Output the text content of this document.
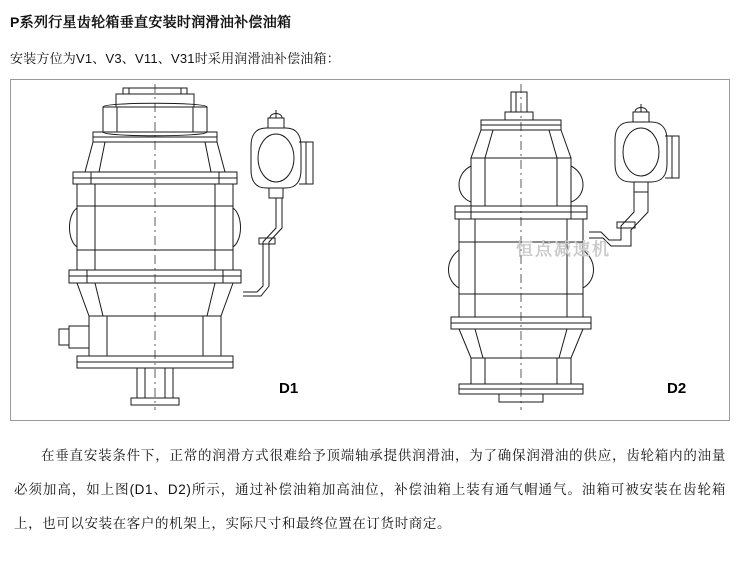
P系列行星齿轮箱垂直安装时润滑油补偿油箱
安装方位为V1、V3、V11、V31时采用润滑油补偿油箱：
恒点减速机
D1	D2

在垂直安装条件下，正常的润滑方式很难给予顶端轴承提供润滑油，为了确保润滑油的供应，齿轮箱内的油量必须加高，如上图(D1、D2)所示，通过补偿油箱加高油位，补偿油箱上装有通气帽通气。油箱可被安装在齿轮箱上，也可以安装在客户的机架上，实际尺寸和最终位置在订货时商定。
